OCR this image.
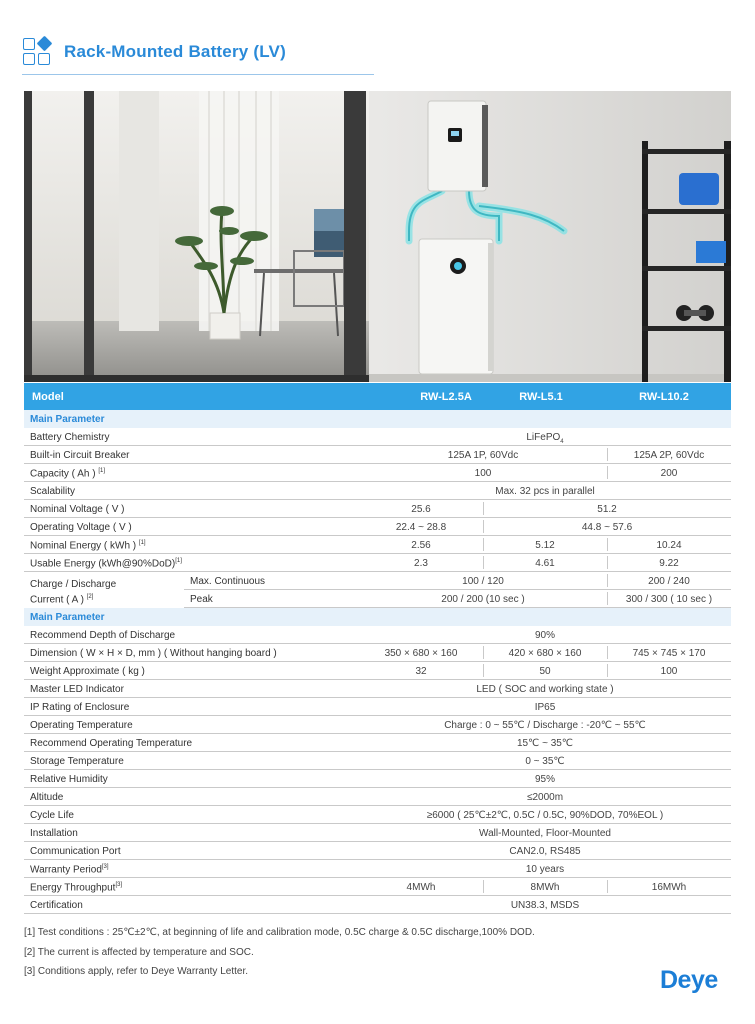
Rack-Mounted Battery (LV)
Model	RW-L2.5A	RW-L5.1	RW-L10.2
Main Parameter
Battery Chemistry	LiFePO$_4$
Built-in Circuit Breaker	125A 1P, 60Vdc	125A 2P, 60Vdc
Capacity ( Ah ) [1]	100	200
Scalability	Max. 32 pcs in parallel
Nominal Voltage ( V )	25.6	51.2
Operating Voltage ( V )	22.4 ~ 28.8	44.8 ~ 57.6
Nominal Energy ( kWh ) [1]	2.56	5.12	10.24
Usable Energy (kWh@90%DoD)[1]	2.3	4.61	9.22
Charge / Discharge
Current ( A ) [2]
Max. Continuous	100 / 120	200 / 240
Peak	200 / 200 (10 sec )	300 / 300 ( 10 sec )
Main Parameter
Recommend Depth of Discharge	90%
Dimension ( W × H × D, mm ) ( Without hanging board )	350 × 680 × 160	420 × 680 × 160	745 × 745 × 170
Weight Approximate ( kg )	32	50	100
Master LED Indicator	LED ( SOC and working state )
IP Rating of Enclosure	IP65
Operating Temperature	Charge : 0 ~ 55℃ / Discharge : -20℃ ~ 55℃
Recommend Operating Temperature	15℃ ~ 35℃
Storage Temperature	0 ~ 35℃
Relative Humidity	95%
Altitude	≤2000m
Cycle Life	≥6000 ( 25℃±2℃, 0.5C / 0.5C, 90%DOD, 70%EOL )
Installation	Wall-Mounted, Floor-Mounted
Communication Port	CAN2.0, RS485
Warranty Period[3]	10 years
Energy Throughput[3]	4MWh	8MWh	16MWh
Certification	UN38.3, MSDS
[1] Test conditions : 25℃±2℃, at beginning of life and calibration mode, 0.5C charge & 0.5C discharge,100% DOD.
[2] The current is affected by temperature and SOC.
[3] Conditions apply, refer to Deye Warranty Letter.	Deye
